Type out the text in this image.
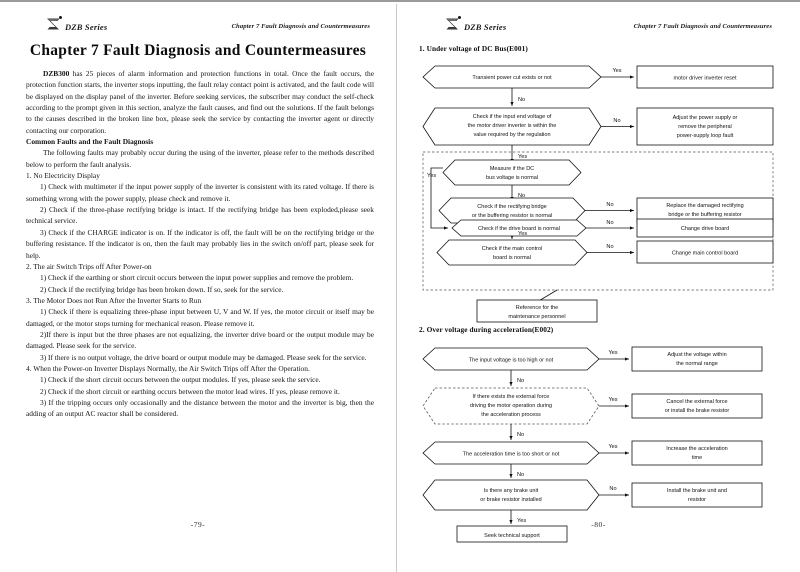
DZB Series	Chapter 7 Fault Diagnosis and Countermeasures
Chapter 7 Fault Diagnosis and Countermeasures

DZB300 has 25 pieces of alarm information and protection functions in total. Once the fault occurs, the protection function starts, the inverter stops inputting, the fault relay contact point is activated, and the fault code will be displayed on the display panel of the inverter. Before seeking services, the subscriber may conduct the self-check according to the prompt given in this section, analyze the fault causes, and find out the solutions. If the fault belongs to the causes described in the broken line box, please seek the service by contacting the inverter agent or directly contacting our corporation.

Common Faults and the Fault Diagnosis

The following faults may probably occur during the using of the inverter, please refer to the methods described below to perform the fault analysis.

1. No Electricity Display

1) Check with multimeter if the input power supply of the inverter is consistent with its rated voltage. If there is something wrong with the power supply, please check and remove it.

2) Check if the three-phase rectifying bridge is intact. If the rectifying bridge has been exploded,please seek technical service.

3) Check if the CHARGE indicator is on. If the indicator is off, the fault will be on the rectifying bridge or the buffering resistance. If the indicator is on, then the fault may probably lies in the switch on/off part, please seek for help.

2. The air Switch Trips off After Power-on

1) Check if the earthing or short circuit occurs between the input power supplies and remove the problem.

2) Check if the rectifying bridge has been broken down. If so, seek for the service.

3. The Motor Does not Run After the Inverter Starts to Run

1) Check if there is equalizing three-phase input between U, V and W. If yes, the motor circuit or itself may be damaged, or the motor stops turning for mechanical reason. Please remove it.

2)If there is input but the three phases are not equalizing, the inverter drive board or the output module may be damaged. Please seek for the service.

3) If there is no output voltage, the drive board or output module may be damaged. Please seek for the service.

4. When the Power-on Inverter Displays Normally, the Air Switch Trips off After the Operation.

1) Check if the short circuit occurs between the output modules. If yes, please seek the service.

2) Check if the short circuit or earthing occurs between the motor lead wires. If yes, please remove it.

3) If the tripping occurs only occasionally and the distance between the motor and the inverter is big, then the adding of an output AC reactor shall be considered.

-79-
DZB Series	Chapter 7 Fault Diagnosis and Countermeasures
1. Under voltage of DC Bus(E001)
Transient power cut exists or not	motor driver inverter reset
Yes
No
Check if the input end voltage of
the motor driver inverter is within the
value required by the regulation
Adjust the power supply or
remove the peripheral
power-supply loop fault
No
Yes
Measure if the DC
bus voltage is normal
Yes
No
Check if the rectifying bridge
or the buffering resistor is normal
Replace the damaged rectifying
bridge or the buffering resistor
No
Yes
Check if the drive board is normal	Change drive board
No
Check if the main control
board is normal
Change main control board
No
Reference for the
maintenance personnel
2. Over voltage during acceleration(E002)
The input voltage is too high or not
Adjust the voltage within
the normal range
Yes
No
If there exists the external force
driving the motor operation during
the acceleration process
Cancel the external force
or install the brake resistor
Yes
No
The acceleration time is too short or not
Increase the acceleration
time
Yes
No
Is there any brake unit
or brake resistor installed
Install the brake unit and
resistor
No
Yes
Seek technical support
-80-
